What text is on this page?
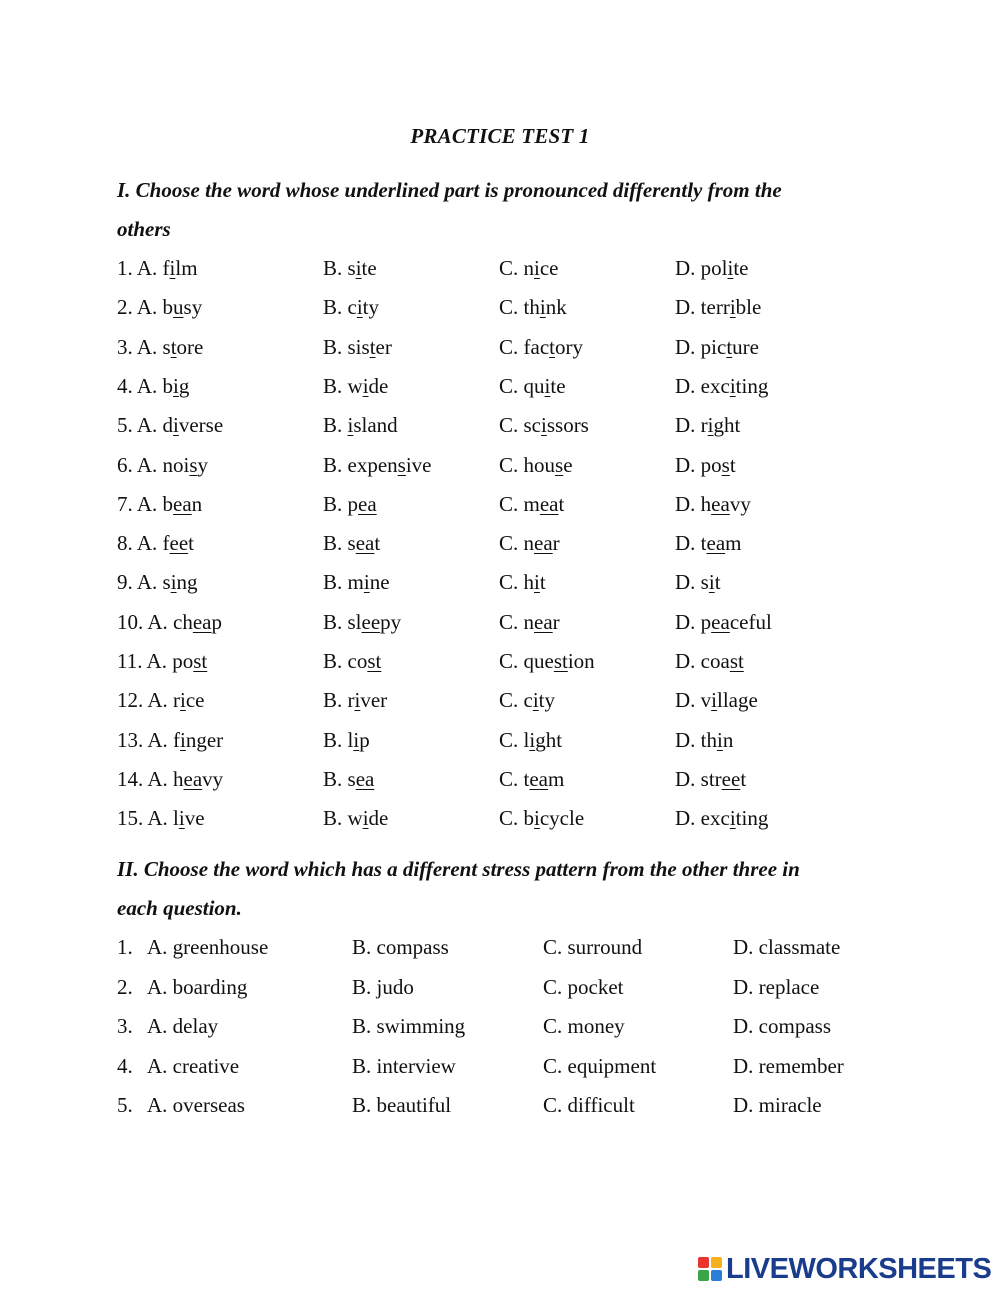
PRACTICE TEST 1
I. Choose the word whose underlined part is pronounced differently from the
others
1. A. film	B. site	C. nice	D. polite
2. A. busy	B. city	C. think	D. terrible
3. A. store	B. sister	C. factory	D. picture
4. A. big	B. wide	C. quite	D. exciting
5. A. diverse	B. island	C. scissors	D. right
6. A. noisy	B. expensive	C. house	D. post
7. A. bean	B. pea	C. meat	D. heavy
8. A. feet	B. seat	C. near	D. team
9. A. sing	B. mine	C. hit	D. sit
10. A. cheap	B. sleepy	C. near	D. peaceful
11. A. post	B. cost	C. question	D. coast
12. A. rice	B. river	C. city	D. village
13. A. finger	B. lip	C. light	D. thin
14. A. heavy	B. sea	C. team	D. street
15. A. live	B. wide	C. bicycle	D. exciting
II. Choose the word which has a different stress pattern from the other three in
each question.
1. A. greenhouse	B. compass	C. surround	D. classmate
2. A. boarding	B. judo	C. pocket	D. replace
3. A. delay	B. swimming	C. money	D. compass
4. A. creative	B. interview	C. equipment	D. remember
5. A. overseas	B. beautiful	C. difficult	D. miracle
LIVEWORKSHEETS
